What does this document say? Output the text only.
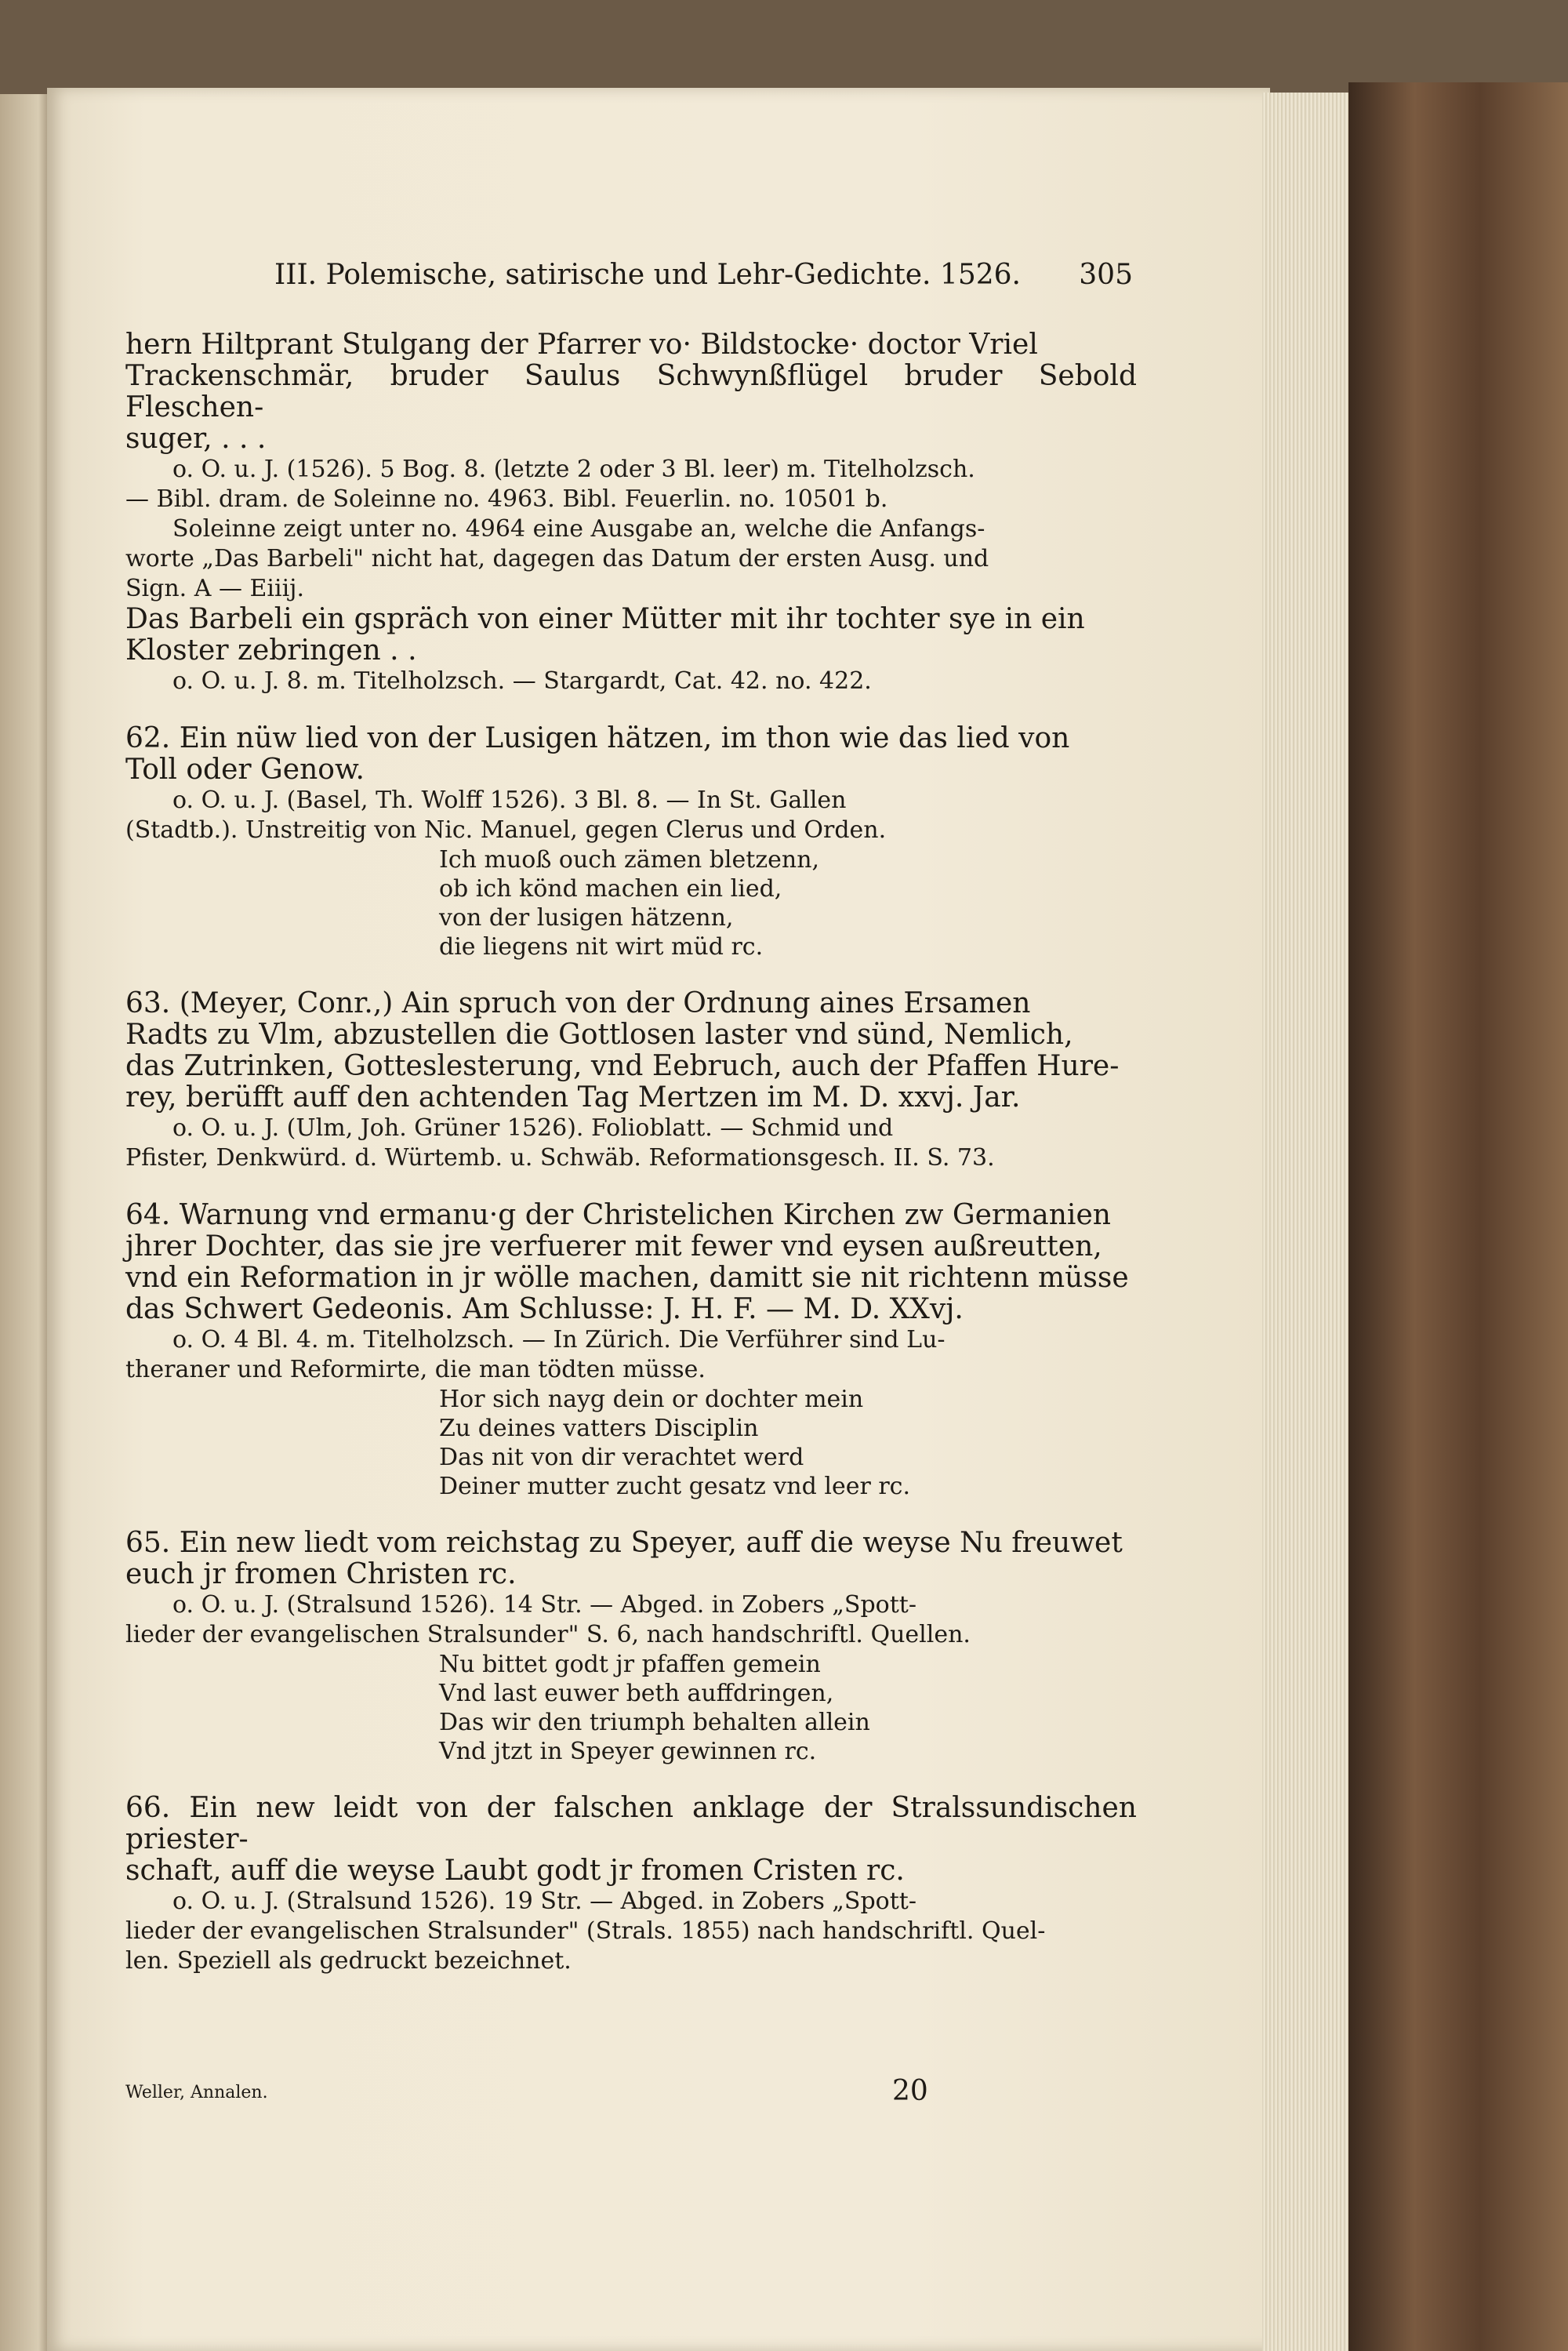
III. Polemische, satirische und Lehr-Gedichte. 1526. 305
hern Hiltprant Stulgang der Pfarrer vo· Bildstocke· doctor Vriel
Trackenschmär, bruder Saulus Schwynßflügel bruder Sebold Fleschen-
suger, . . .
o. O. u. J. (1526). 5 Bog. 8. (letzte 2 oder 3 Bl. leer) m. Titelholzsch.
— Bibl. dram. de Soleinne no. 4963. Bibl. Feuerlin. no. 10501 b.
Soleinne zeigt unter no. 4964 eine Ausgabe an, welche die Anfangs-
worte „Das Barbeli" nicht hat, dagegen das Datum der ersten Ausg. und
Sign. A — Eiiij.
Das Barbeli ein gspräch von einer Mütter mit ihr tochter sye in ein
Kloster zebringen . .
o. O. u. J. 8. m. Titelholzsch. — Stargardt, Cat. 42. no. 422.
62. Ein nüw lied von der Lusigen hätzen, im thon wie das lied von
Toll oder Genow.
o. O. u. J. (Basel, Th. Wolff 1526). 3 Bl. 8. — In St. Gallen
(Stadtb.). Unstreitig von Nic. Manuel, gegen Clerus und Orden.
Ich muoß ouch zämen bletzenn,
ob ich könd machen ein lied,
von der lusigen hätzenn,
die liegens nit wirt müd rc.
63. (Meyer, Conr.,) Ain spruch von der Ordnung aines Ersamen
Radts zu Vlm, abzustellen die Gottlosen laster vnd sünd, Nemlich,
das Zutrinken, Gotteslesterung, vnd Eebruch, auch der Pfaffen Hure-
rey, berüfft auff den achtenden Tag Mertzen im M. D. xxvj. Jar.
o. O. u. J. (Ulm, Joh. Grüner 1526). Folioblatt. — Schmid und
Pfister, Denkwürd. d. Würtemb. u. Schwäb. Reformationsgesch. II. S. 73.
64. Warnung vnd ermanu·g der Christelichen Kirchen zw Germanien
jhrer Dochter, das sie jre verfuerer mit fewer vnd eysen außreutten,
vnd ein Reformation in jr wölle machen, damitt sie nit richtenn müsse
das Schwert Gedeonis. Am Schlusse: J. H. F. — M. D. XXvj.
o. O. 4 Bl. 4. m. Titelholzsch. — In Zürich. Die Verführer sind Lu-
theraner und Reformirte, die man tödten müsse.
Hor sich nayg dein or dochter mein
Zu deines vatters Disciplin
Das nit von dir verachtet werd
Deiner mutter zucht gesatz vnd leer rc.
65. Ein new liedt vom reichstag zu Speyer, auff die weyse Nu freuwet
euch jr fromen Christen rc.
o. O. u. J. (Stralsund 1526). 14 Str. — Abged. in Zobers „Spott-
lieder der evangelischen Stralsunder" S. 6, nach handschriftl. Quellen.
Nu bittet godt jr pfaffen gemein
Vnd last euwer beth auffdringen,
Das wir den triumph behalten allein
Vnd jtzt in Speyer gewinnen rc.
66. Ein new leidt von der falschen anklage der Stralssundischen priester-
schaft, auff die weyse Laubt godt jr fromen Cristen rc.
o. O. u. J. (Stralsund 1526). 19 Str. — Abged. in Zobers „Spott-
lieder der evangelischen Stralsunder" (Strals. 1855) nach handschriftl. Quel-
len. Speziell als gedruckt bezeichnet.
Weller, Annalen.	20
